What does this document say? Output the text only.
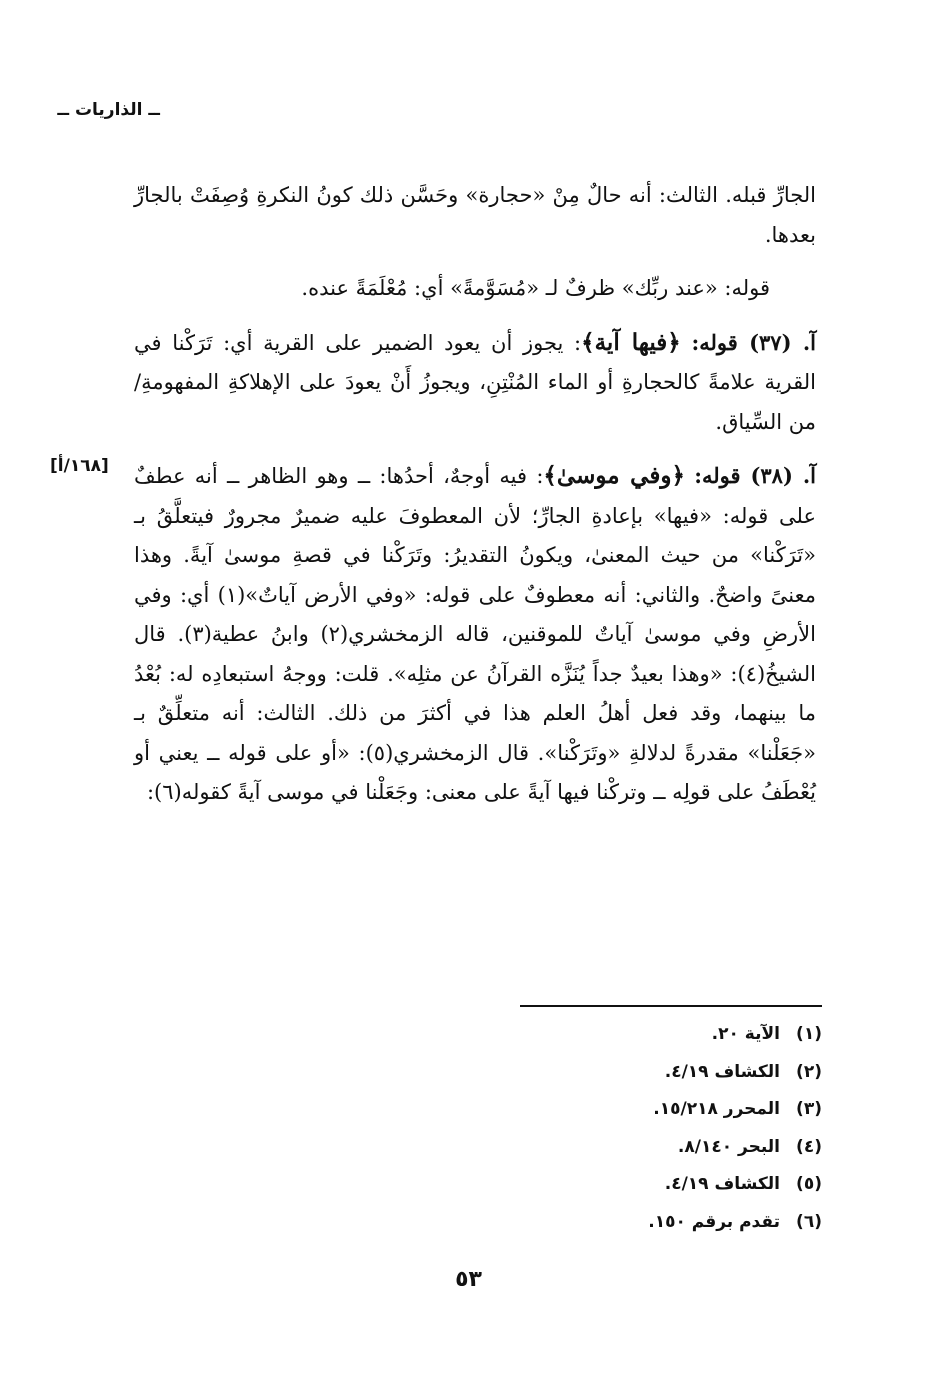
ــ الذاريات ــ
[١٦٨/أ]

الجارِّ قبله. الثالث: أنه حالٌ مِنْ «حجارة» وحَسَّن ذلك كونُ النكرةِ وُصِفَتْ بالجارِّ بعدها.

قوله: «عند ربِّك» ظرفٌ لـ «مُسَوَّمةً» أي: مُعْلَمَةً عنده.

آ. (٣٧) قوله: ﴿فيها آية﴾: يجوز أن يعود الضمير على القرية أي: تَرَكْنا في القرية علامةً كالحجارةِ أو الماء المُنْتِنِ، ويجوزُ أَنْ يعودَ على الإهلاكةِ المفهومةِ/ من السِّياق.

آ. (٣٨) قوله: ﴿وفي موسىٰ﴾: فيه أوجهٌ، أحدُها: ــ وهو الظاهر ــ أنه عطفٌ على قوله: «فيها» بإعادةِ الجارِّ؛ لأن المعطوفَ عليه ضميرٌ مجرورٌ فيتعلَّقُ بـ «تَرَكْنا» من حيث المعنىٰ، ويكونُ التقديرُ: وتَرَكْنا في قصةِ موسىٰ آيةً. وهذا معنىً واضحٌ. والثاني: أنه معطوفٌ على قوله: «وفي الأرض آياتٌ»(١) أي: وفي الأرضِ وفي موسىٰ آياتٌ للموقنين، قاله الزمخشري(٢) وابنُ عطية(٣). قال الشيخُ(٤): «وهذا بعيدٌ جداً يُنَزَّه القرآنُ عن مثلِه». قلت: ووجهُ استبعادِه له: بُعْدُ ما بينهما، وقد فعل أهلُ العلم هذا في أكثرَ من ذلك. الثالث: أنه متعلِّقٌ بـ «جَعَلْنا» مقدرةً لدلالةِ «وتَرَكْنا». قال الزمخشري(٥): «أو على قوله ــ يعني أو يُعْطَفُ على قولِه ــ وتركْنا فيها آيةً على معنى: وجَعَلْنا في موسى آيةً كقوله(٦):

(١)الآية ٢٠.
(٢)الكشاف ٤/١٩.
(٣)المحرر ١٥/٢١٨.
(٤)البحر ٨/١٤٠.
(٥)الكشاف ٤/١٩.
(٦)تقدم برقم ١٥٠.
٥٣
